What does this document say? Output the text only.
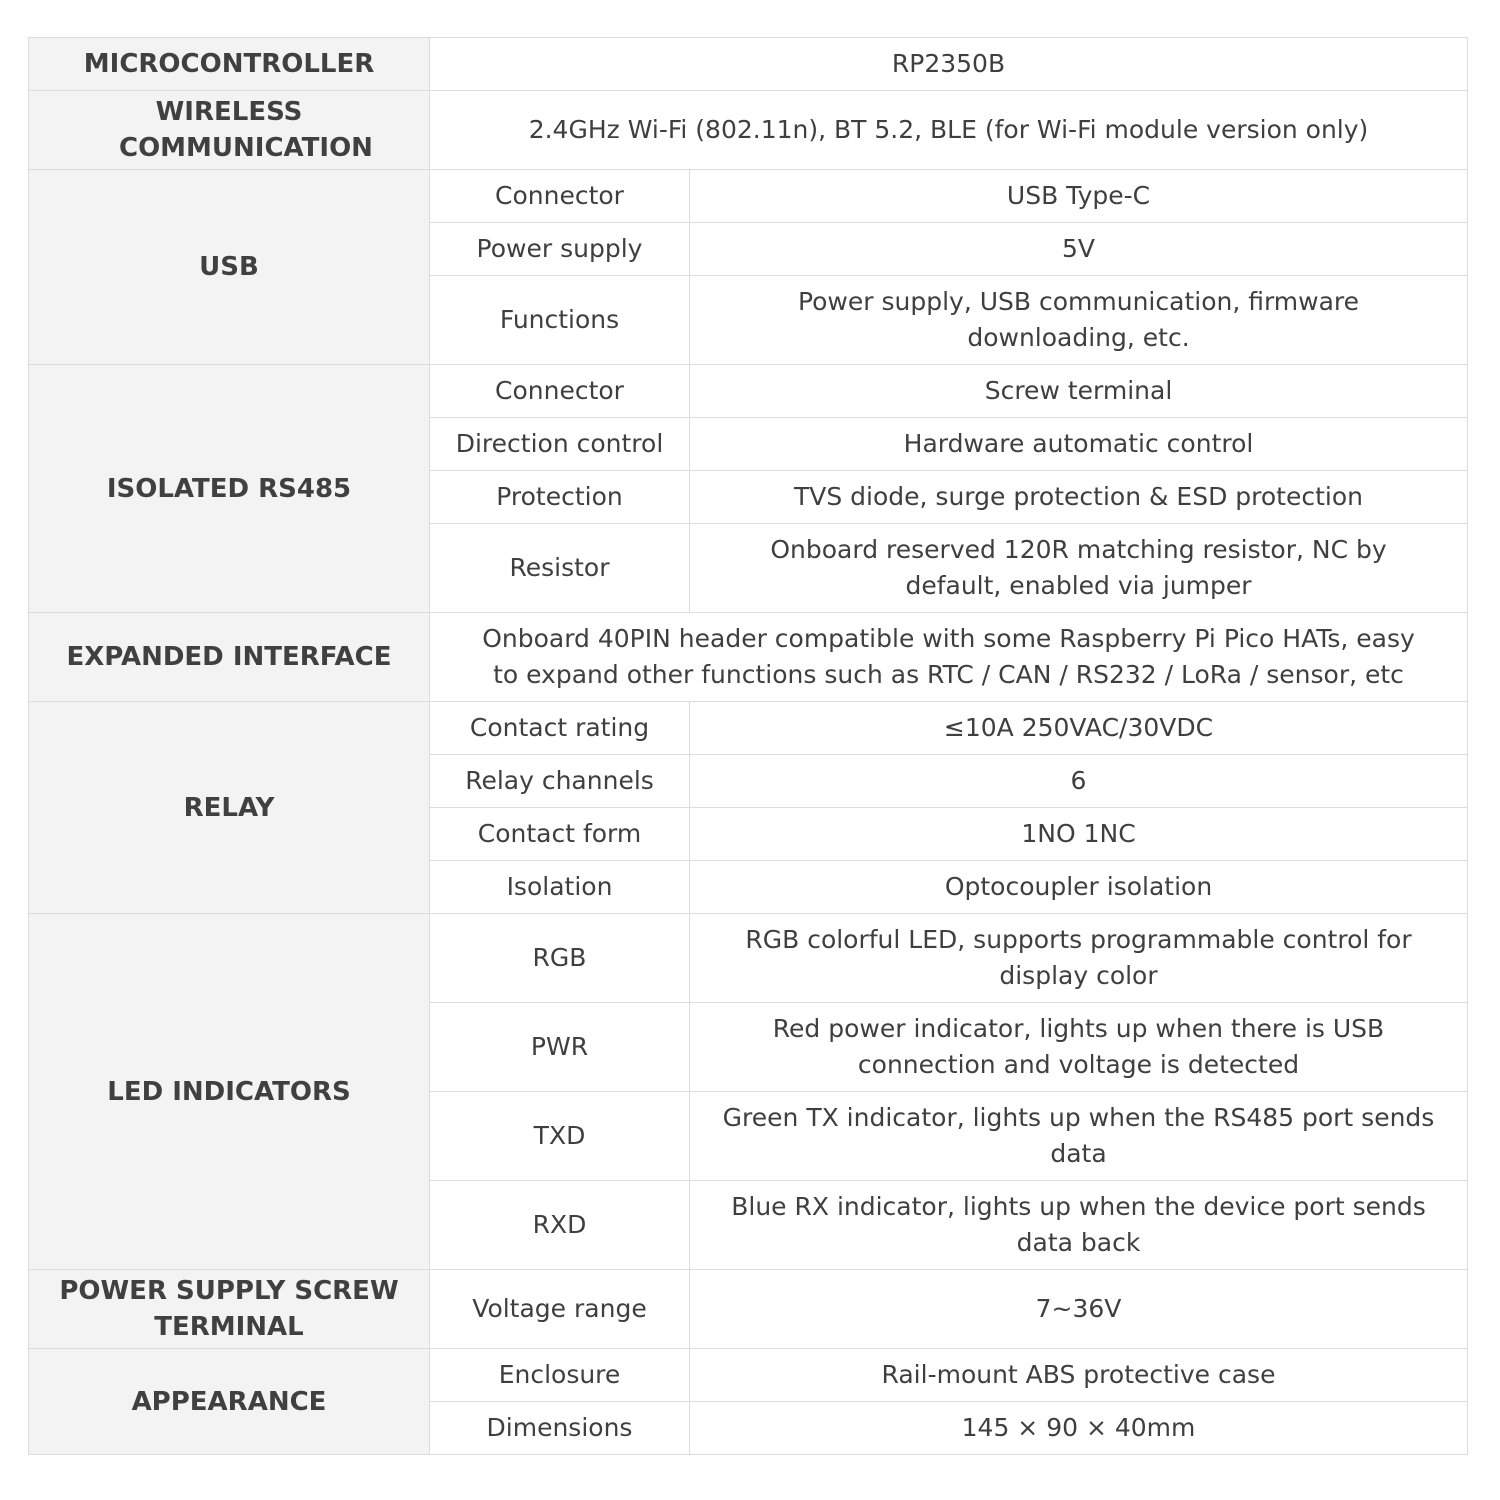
MICROCONTROLLER	RP2350B	
WIRELESS COMMUNICATION	2.4GHz Wi-Fi (802.11n), BT 5.2, BLE (for Wi-Fi module version only)	
USB	Connector	USB Type-C
	Power supply	5V
	Functions	Power supply, USB communication, firmware downloading, etc.
ISOLATED RS485	Connector	Screw terminal
	Direction control	Hardware automatic control
	Protection	TVS diode, surge protection & ESD protection
	Resistor	Onboard reserved 120R matching resistor, NC by default, enabled via jumper
EXPANDED INTERFACE	Onboard 40PIN header compatible with some Raspberry Pi Pico HATs, easy to expand other functions such as RTC / CAN / RS232 / LoRa / sensor, etc	
RELAY	Contact rating	≤10A 250VAC/30VDC
	Relay channels	6
	Contact form	1NO 1NC
	Isolation	Optocoupler isolation
LED INDICATORS	RGB	RGB colorful LED, supports programmable control for display color
	PWR	Red power indicator, lights up when there is USB connection and voltage is detected
	TXD	Green TX indicator, lights up when the RS485 port sends data
	RXD	Blue RX indicator, lights up when the device port sends data back
POWER SUPPLY SCREW TERMINAL	Voltage range	7~36V
APPEARANCE	Enclosure	Rail-mount ABS protective case
	Dimensions	145 × 90 × 40mm
